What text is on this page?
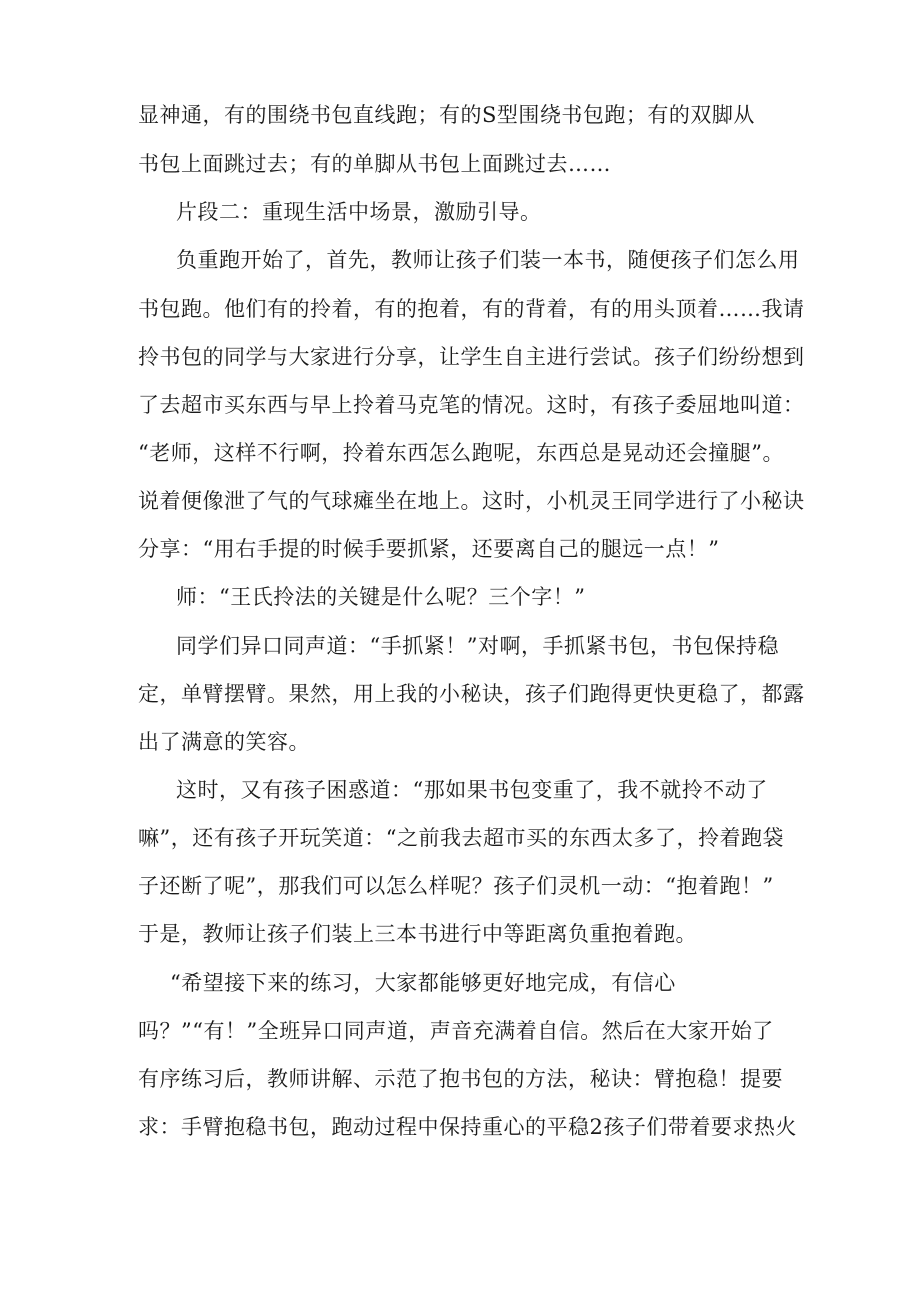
显神通，有的围绕书包直线跑；有的S型围绕书包跑；有的双脚从

书包上面跳过去；有的单脚从书包上面跳过去……

片段二：重现生活中场景，激励引导。

负重跑开始了，首先，教师让孩子们装一本书，随便孩子们怎么用

书包跑。他们有的拎着，有的抱着，有的背着，有的用头顶着……我请

拎书包的同学与大家进行分享，让学生自主进行尝试。孩子们纷纷想到

了去超市买东西与早上拎着马克笔的情况。这时，有孩子委屈地叫道：

“老师，这样不行啊，拎着东西怎么跑呢，东西总是晃动还会撞腿”。

说着便像泄了气的气球瘫坐在地上。这时，小机灵王同学进行了小秘诀

分享：“用右手提的时候手要抓紧，还要离自己的腿远一点！”

师：“王氏拎法的关键是什么呢？三个字！”

同学们异口同声道：“手抓紧！”对啊，手抓紧书包，书包保持稳

定，单臂摆臂。果然，用上我的小秘诀，孩子们跑得更快更稳了，都露

出了满意的笑容。

这时，又有孩子困惑道：“那如果书包变重了，我不就拎不动了

嘛”，还有孩子开玩笑道：“之前我去超市买的东西太多了，拎着跑袋

子还断了呢”，那我们可以怎么样呢？孩子们灵机一动：“抱着跑！”

于是，教师让孩子们装上三本书进行中等距离负重抱着跑。

“希望接下来的练习，大家都能够更好地完成，有信心

吗？”“有！”全班异口同声道，声音充满着自信。然后在大家开始了

有序练习后，教师讲解、示范了抱书包的方法，秘诀：臂抱稳！提要

求：手臂抱稳书包，跑动过程中保持重心的平稳2孩子们带着要求热火
